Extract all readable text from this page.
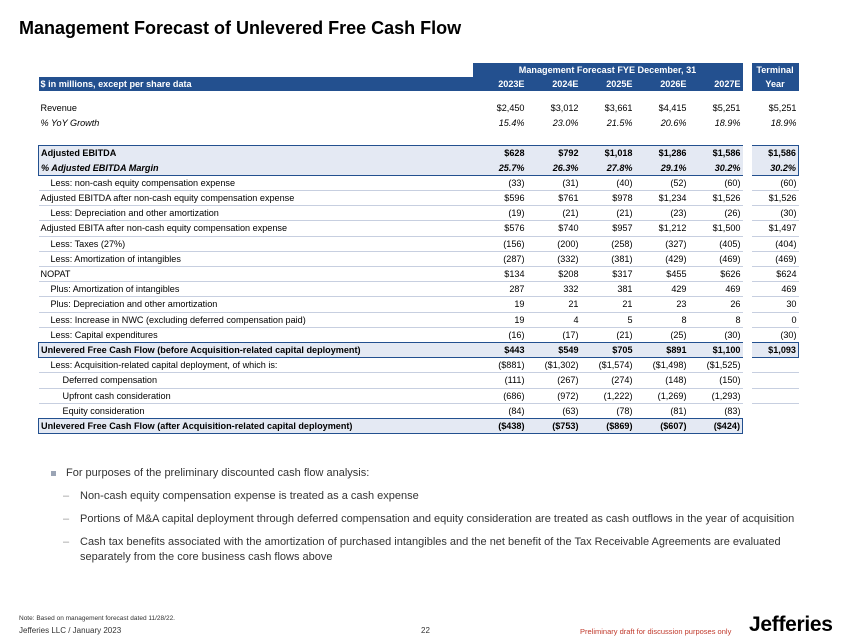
Management Forecast of Unlevered Free Cash Flow
	Management Forecast FYE December, 31						Terminal
$ in millions, except per share data	2023E	2024E	2025E	2026E	2027E		Year

Revenue	$2,450	$3,012	$3,661	$4,415	$5,251		$5,251
% YoY Growth	15.4%	23.0%	21.5%	20.6%	18.9%		18.9%

Adjusted EBITDA	$628	$792	$1,018	$1,286	$1,586		$1,586
% Adjusted EBITDA Margin	25.7%	26.3%	27.8%	29.1%	30.2%		30.2%
Less: non-cash equity compensation expense	(33)	(31)	(40)	(52)	(60)		(60)
Adjusted EBITDA after non-cash equity compensation expense	$596	$761	$978	$1,234	$1,526		$1,526
Less: Depreciation and other amortization	(19)	(21)	(21)	(23)	(26)		(30)
Adjusted EBITA after non-cash equity compensation expense	$576	$740	$957	$1,212	$1,500		$1,497
Less: Taxes (27%)	(156)	(200)	(258)	(327)	(405)		(404)
Less: Amortization of intangibles	(287)	(332)	(381)	(429)	(469)		(469)
NOPAT	$134	$208	$317	$455	$626		$624
Plus: Amortization of intangibles	287	332	381	429	469		469
Plus: Depreciation and other amortization	19	21	21	23	26		30
Less: Increase in NWC (excluding deferred compensation paid)	19	4	5	8	8		0
Less: Capital expenditures	(16)	(17)	(21)	(25)	(30)		(30)
Unlevered Free Cash Flow (before Acquisition-related capital deployment)	$443	$549	$705	$891	$1,100		$1,093
Less: Acquisition-related capital deployment, of which is:	($881)	($1,302)	($1,574)	($1,498)	($1,525)		
Deferred compensation	(111)	(267)	(274)	(148)	(150)		
Upfront cash consideration	(686)	(972)	(1,222)	(1,269)	(1,293)		
Equity consideration	(84)	(63)	(78)	(81)	(83)		
Unlevered Free Cash Flow (after Acquisition-related capital deployment)	($438)	($753)	($869)	($607)	($424)		
For purposes of the preliminary discounted cash flow analysis:
– Non-cash equity compensation expense is treated as a cash expense
– Portions of M&A capital deployment through deferred compensation and equity consideration are treated as cash outflows in the year of acquisition
– Cash tax benefits associated with the amortization of purchased intangibles and the net benefit of the Tax Receivable Agreements are evaluated separately from the core business cash flows above
Note: Based on management forecast dated 11/28/22.
Jefferies LLC / January 2023	22	Preliminary draft for discussion purposes only Jefferies
